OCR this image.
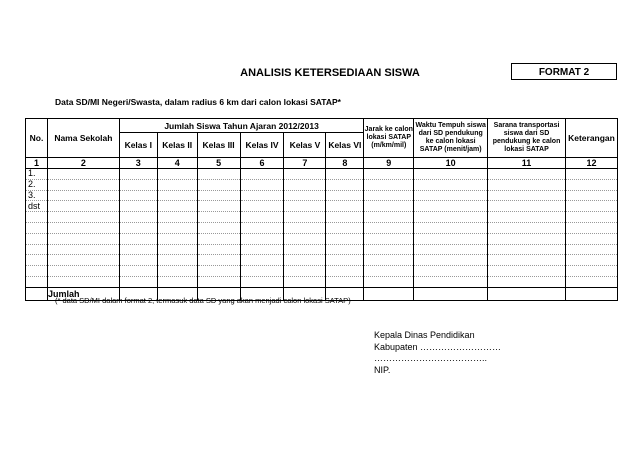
ANALISIS KETERSEDIAAN SISWA	FORMAT 2
Data SD/MI Negeri/Swasta, dalam radius 6 km dari calon lokasi SATAP*
No.	Nama Sekolah	Jumlah Siswa Tahun Ajaran 2012/2013						Jarak ke calon lokasi SATAP (m/km/mil)	Waktu Tempuh siswa dari SD pendukung ke calon lokasi SATAP (menit/jam)	Sarana transportasi siswa dari SD pendukung ke calon lokasi SATAP	Keterangan
		Kelas I	Kelas II	Kelas III	Kelas IV	Kelas V	Kelas VI				
1	2	3	4	5	6	7	8	9	10	11	12
1.											
2.											
3.											
dst											

	Jumlah										
(* data SD/MI dalam format 2, termasuk data SD yang akan menjadi calon lokasi SATAP)
Kepala Dinas Pendidikan
Kabupaten ………………………
………………………………..
NIP.
